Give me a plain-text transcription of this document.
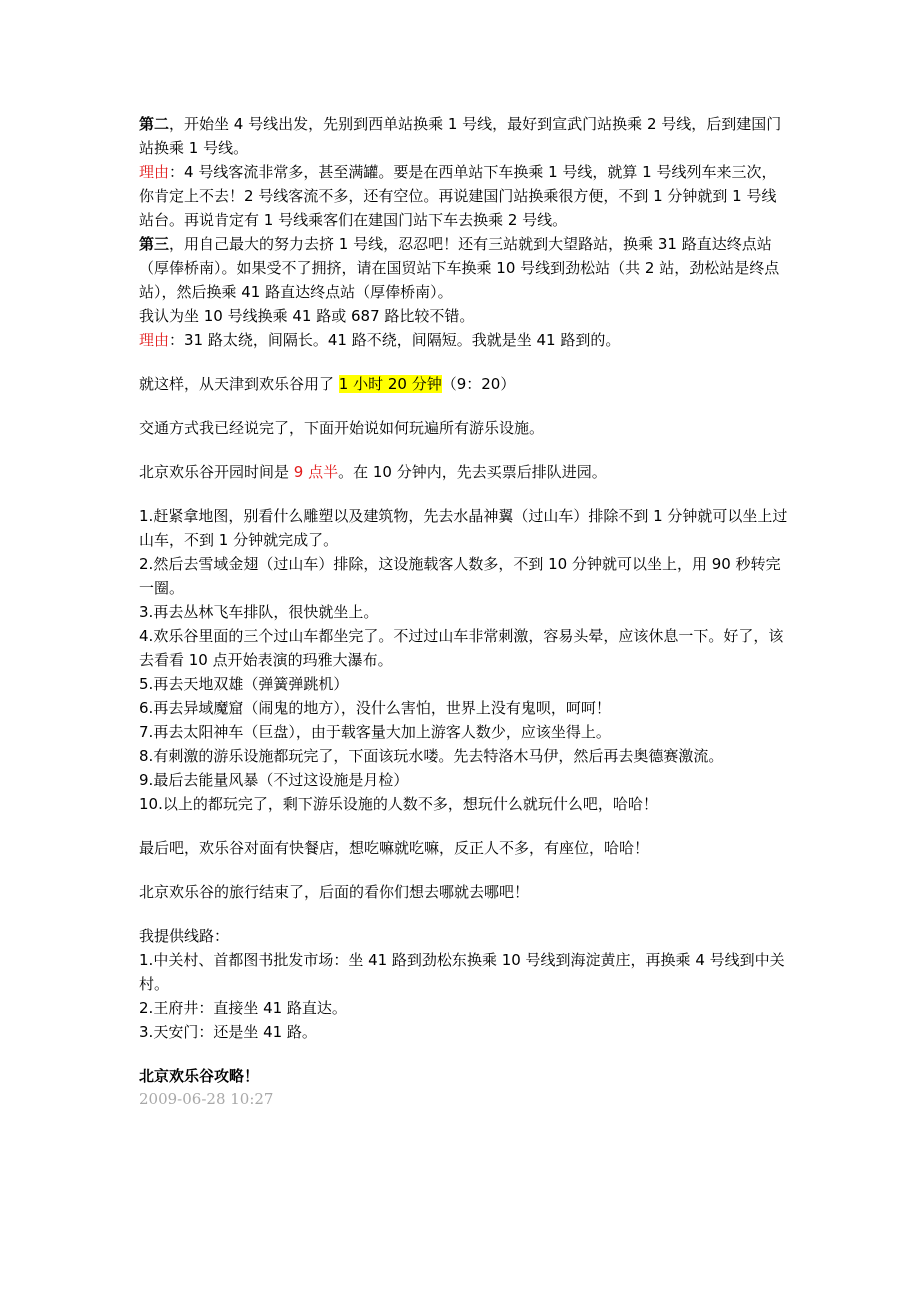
第二，开始坐 4 号线出发，先别到西单站换乘 1 号线，最好到宣武门站换乘 2 号线，后到建国门站换乘 1 号线。

理由：4 号线客流非常多，甚至满罐。要是在西单站下车换乘 1 号线，就算 1 号线列车来三次，你肯定上不去！2 号线客流不多，还有空位。再说建国门站换乘很方便，不到 1 分钟就到 1 号线站台。再说肯定有 1 号线乘客们在建国门站下车去换乘 2 号线。

第三，用自己最大的努力去挤 1 号线，忍忍吧！还有三站就到大望路站，换乘 31 路直达终点站（厚俸桥南）。如果受不了拥挤，请在国贸站下车换乘 10 号线到劲松站（共 2 站，劲松站是终点站），然后换乘 41 路直达终点站（厚俸桥南）。

我认为坐 10 号线换乘 41 路或 687 路比较不错。

理由：31 路太绕，间隔长。41 路不绕，间隔短。我就是坐 41 路到的。

就这样，从天津到欢乐谷用了 1 小时 20 分钟（9：20）

交通方式我已经说完了，下面开始说如何玩遍所有游乐设施。

北京欢乐谷开园时间是 9 点半。在 10 分钟内，先去买票后排队进园。

1.赶紧拿地图，别看什么雕塑以及建筑物，先去水晶神翼（过山车）排除不到 1 分钟就可以坐上过山车，不到 1 分钟就完成了。

2.然后去雪域金翅（过山车）排除，这设施载客人数多，不到 10 分钟就可以坐上，用 90 秒转完一圈。

3.再去丛林飞车排队，很快就坐上。

4.欢乐谷里面的三个过山车都坐完了。不过过山车非常刺激，容易头晕，应该休息一下。好了，该去看看 10 点开始表演的玛雅大瀑布。

5.再去天地双雄（弹簧弹跳机）

6.再去异域魔窟（闹鬼的地方），没什么害怕，世界上没有鬼呗，呵呵！

7.再去太阳神车（巨盘），由于载客量大加上游客人数少，应该坐得上。

8.有刺激的游乐设施都玩完了，下面该玩水喽。先去特洛木马伊，然后再去奥德赛激流。

9.最后去能量风暴（不过这设施是月检）

10.以上的都玩完了，剩下游乐设施的人数不多，想玩什么就玩什么吧，哈哈！

最后吧，欢乐谷对面有快餐店，想吃嘛就吃嘛，反正人不多，有座位，哈哈！

北京欢乐谷的旅行结束了，后面的看你们想去哪就去哪吧！

我提供线路：

1.中关村、首都图书批发市场：坐 41 路到劲松东换乘 10 号线到海淀黄庄，再换乘 4 号线到中关村。

2.王府井：直接坐 41 路直达。

3.天安门：还是坐 41 路。

北京欢乐谷攻略！

2009-06-28 10:27
